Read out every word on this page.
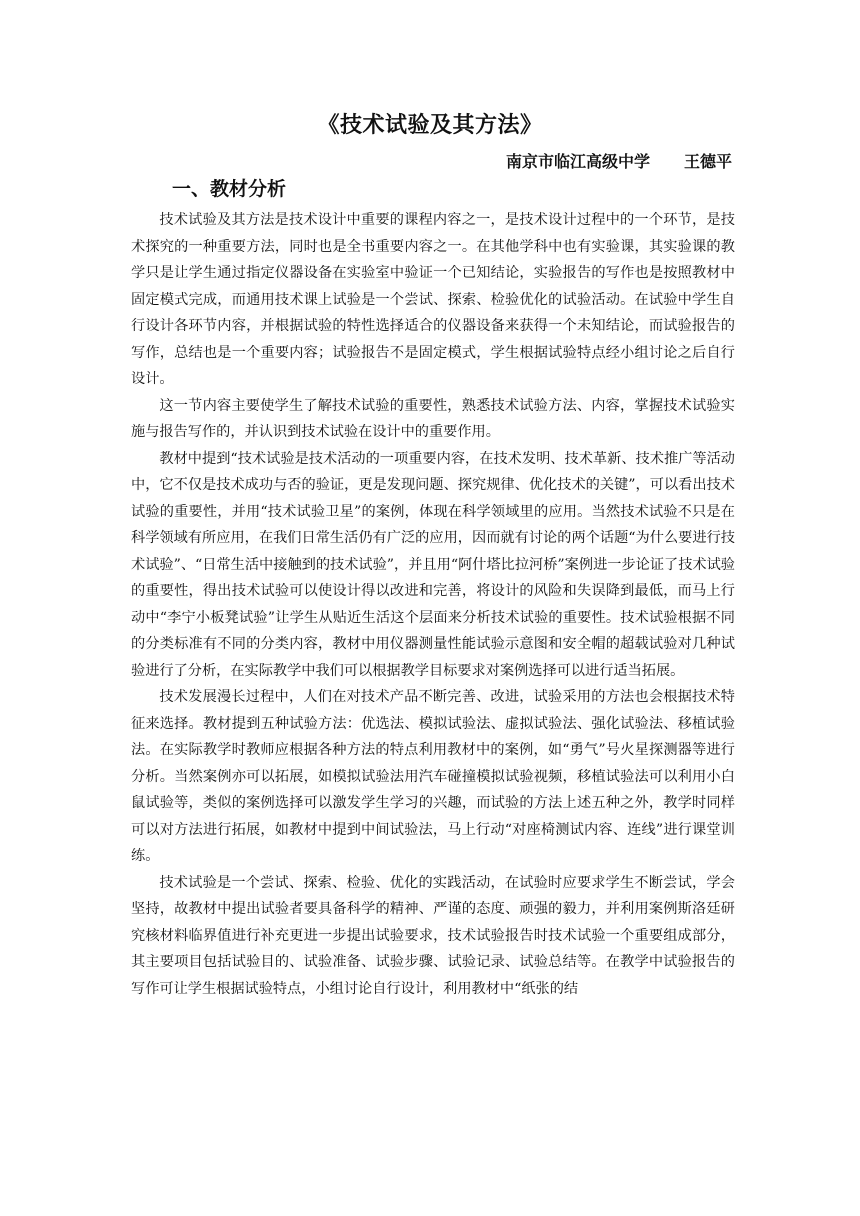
《技术试验及其方法》
南京市临江高级中学 王德平
一、教材分析

技术试验及其方法是技术设计中重要的课程内容之一，是技术设计过程中的一个环节，是技术探究的一种重要方法，同时也是全书重要内容之一。在其他学科中也有实验课，其实验课的教学只是让学生通过指定仪器设备在实验室中验证一个已知结论，实验报告的写作也是按照教材中固定模式完成，而通用技术课上试验是一个尝试、探索、检验优化的试验活动。在试验中学生自行设计各环节内容，并根据试验的特性选择适合的仪器设备来获得一个未知结论，而试验报告的写作，总结也是一个重要内容；试验报告不是固定模式，学生根据试验特点经小组讨论之后自行设计。

这一节内容主要使学生了解技术试验的重要性，熟悉技术试验方法、内容，掌握技术试验实施与报告写作的，并认识到技术试验在设计中的重要作用。

教材中提到“技术试验是技术活动的一项重要内容，在技术发明、技术革新、技术推广等活动中，它不仅是技术成功与否的验证，更是发现问题、探究规律、优化技术的关键”，可以看出技术试验的重要性，并用“技术试验卫星”的案例，体现在科学领域里的应用。当然技术试验不只是在科学领域有所应用，在我们日常生活仍有广泛的应用，因而就有讨论的两个话题“为什么要进行技术试验”、“日常生活中接触到的技术试验”，并且用“阿什塔比拉河桥”案例进一步论证了技术试验的重要性，得出技术试验可以使设计得以改进和完善，将设计的风险和失误降到最低，而马上行动中“李宁小板凳试验”让学生从贴近生活这个层面来分析技术试验的重要性。技术试验根据不同的分类标准有不同的分类内容，教材中用仪器测量性能试验示意图和安全帽的超载试验对几种试验进行了分析，在实际教学中我们可以根据教学目标要求对案例选择可以进行适当拓展。

技术发展漫长过程中，人们在对技术产品不断完善、改进，试验采用的方法也会根据技术特征来选择。教材提到五种试验方法：优选法、模拟试验法、虚拟试验法、强化试验法、移植试验法。在实际教学时教师应根据各种方法的特点利用教材中的案例，如“勇气”号火星探测器等进行分析。当然案例亦可以拓展，如模拟试验法用汽车碰撞模拟试验视频，移植试验法可以利用小白鼠试验等，类似的案例选择可以激发学生学习的兴趣，而试验的方法上述五种之外，教学时同样可以对方法进行拓展，如教材中提到中间试验法，马上行动“对座椅测试内容、连线”进行课堂训练。

技术试验是一个尝试、探索、检验、优化的实践活动，在试验时应要求学生不断尝试，学会坚持，故教材中提出试验者要具备科学的精神、严谨的态度、顽强的毅力，并利用案例斯洛廷研究核材料临界值进行补充更进一步提出试验要求，技术试验报告时技术试验一个重要组成部分，其主要项目包括试验目的、试验准备、试验步骤、试验记录、试验总结等。在教学中试验报告的写作可让学生根据试验特点，小组讨论自行设计，利用教材中“纸张的结
